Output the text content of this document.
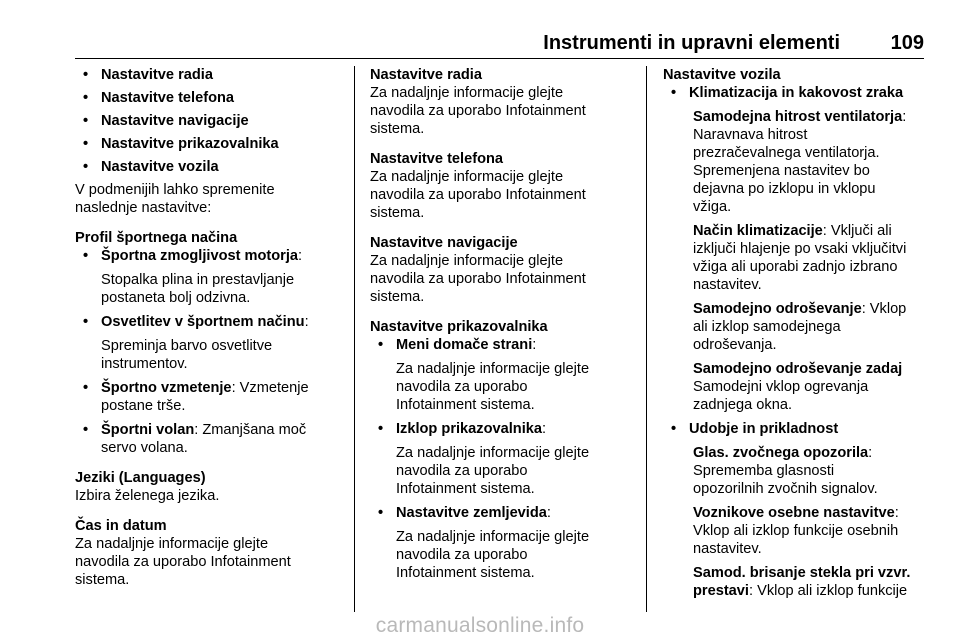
Instrumenti in upravni elementi	109
• Nastavitve radia
• Nastavitve telefona
• Nastavitve navigacije
• Nastavitve prikazovalnika
• Nastavitve vozila
V podmenijih lahko spremenite
naslednje nastavitve:
Profil športnega načina
• Športna zmogljivost motorja:
Stopalka plina in prestavljanje
postaneta bolj odzivna.
• Osvetlitev v športnem načinu:
Spreminja barvo osvetlitve
instrumentov.
• Športno vzmetenje: Vzmetenje
postane trše.
• Športni volan: Zmanjšana moč
servo volana.
Jeziki (Languages)
Izbira želenega jezika.
Čas in datum
Za nadaljnje informacije glejte
navodila za uporabo Infotainment
sistema.
Nastavitve radia
Za nadaljnje informacije glejte
navodila za uporabo Infotainment
sistema.
Nastavitve telefona
Za nadaljnje informacije glejte
navodila za uporabo Infotainment
sistema.
Nastavitve navigacije
Za nadaljnje informacije glejte
navodila za uporabo Infotainment
sistema.
Nastavitve prikazovalnika
• Meni domače strani:
Za nadaljnje informacije glejte
navodila za uporabo
Infotainment sistema.
• Izklop prikazovalnika:
Za nadaljnje informacije glejte
navodila za uporabo
Infotainment sistema.
• Nastavitve zemljevida:
Za nadaljnje informacije glejte
navodila za uporabo
Infotainment sistema.
Nastavitve vozila
• Klimatizacija in kakovost zraka
Samodejna hitrost ventilatorja:
Naravnava hitrost
prezračevalnega ventilatorja.
Spremenjena nastavitev bo
dejavna po izklopu in vklopu
vžiga.
Način klimatizacije: Vključi ali
izključi hlajenje po vsaki vključitvi
vžiga ali uporabi zadnjo izbrano
nastavitev.
Samodejno odroševanje: Vklop
ali izklop samodejnega
odroševanja.
Samodejno odroševanje zadaj
Samodejni vklop ogrevanja
zadnjega okna.
• Udobje in prikladnost
Glas. zvočnega opozorila:
Sprememba glasnosti
opozorilnih zvočnih signalov.
Voznikove osebne nastavitve:
Vklop ali izklop funkcije osebnih
nastavitev.
Samod. brisanje stekla pri vzvr.
prestavi: Vklop ali izklop funkcije
carmanualsonline.info
